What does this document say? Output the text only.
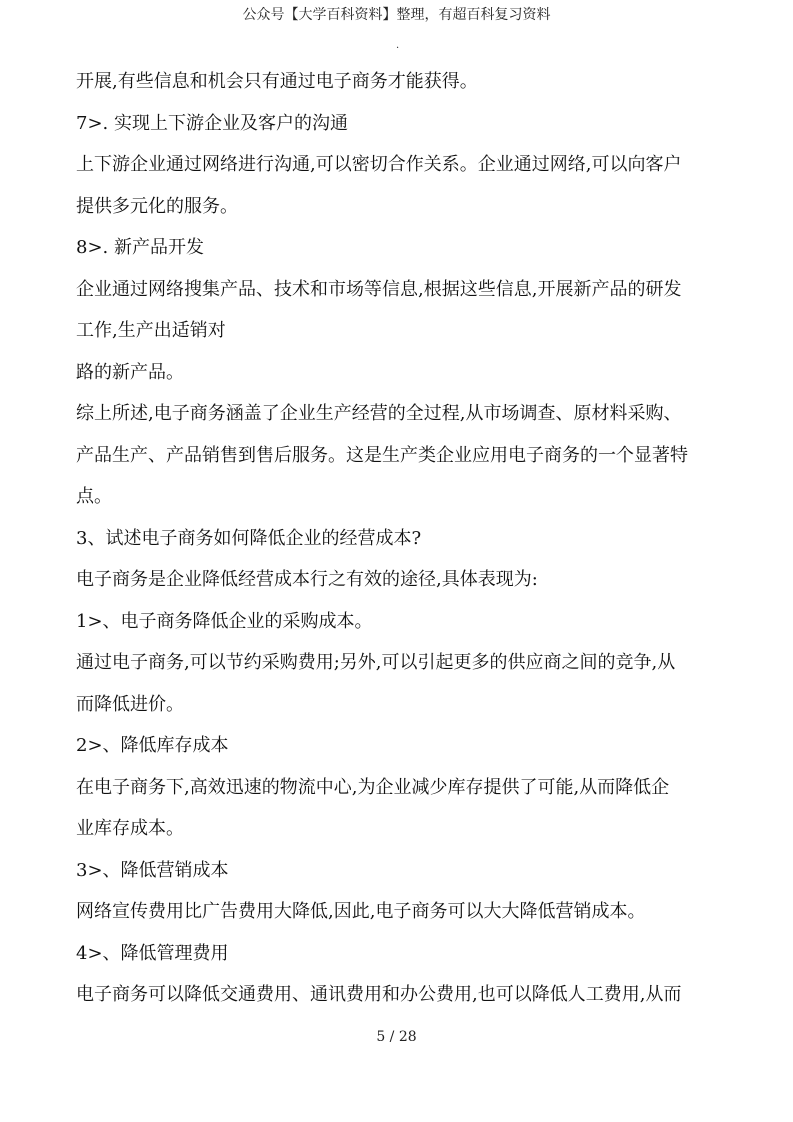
公众号【大学百科资料】整理，有超百科复习资料
·
开展,有些信息和机会只有通过电子商务才能获得。
7>. 实现上下游企业及客户的沟通
上下游企业通过网络进行沟通,可以密切合作关系。企业通过网络,可以向客户
提供多元化的服务。
8>. 新产品开发
企业通过网络搜集产品、技术和市场等信息,根据这些信息,开展新产品的研发
工作,生产出适销对
路的新产品。
综上所述,电子商务涵盖了企业生产经营的全过程,从市场调查、原材料采购、
产品生产、产品销售到售后服务。这是生产类企业应用电子商务的一个显著特
点。
3、试述电子商务如何降低企业的经营成本?
电子商务是企业降低经营成本行之有效的途径,具体表现为:
1>、电子商务降低企业的采购成本。
通过电子商务,可以节约采购费用;另外,可以引起更多的供应商之间的竞争,从
而降低进价。
2>、降低库存成本
在电子商务下,高效迅速的物流中心,为企业减少库存提供了可能,从而降低企
业库存成本。
3>、降低营销成本
网络宣传费用比广告费用大降低,因此,电子商务可以大大降低营销成本。
4>、降低管理费用
电子商务可以降低交通费用、通讯费用和办公费用,也可以降低人工费用,从而
5 / 28
